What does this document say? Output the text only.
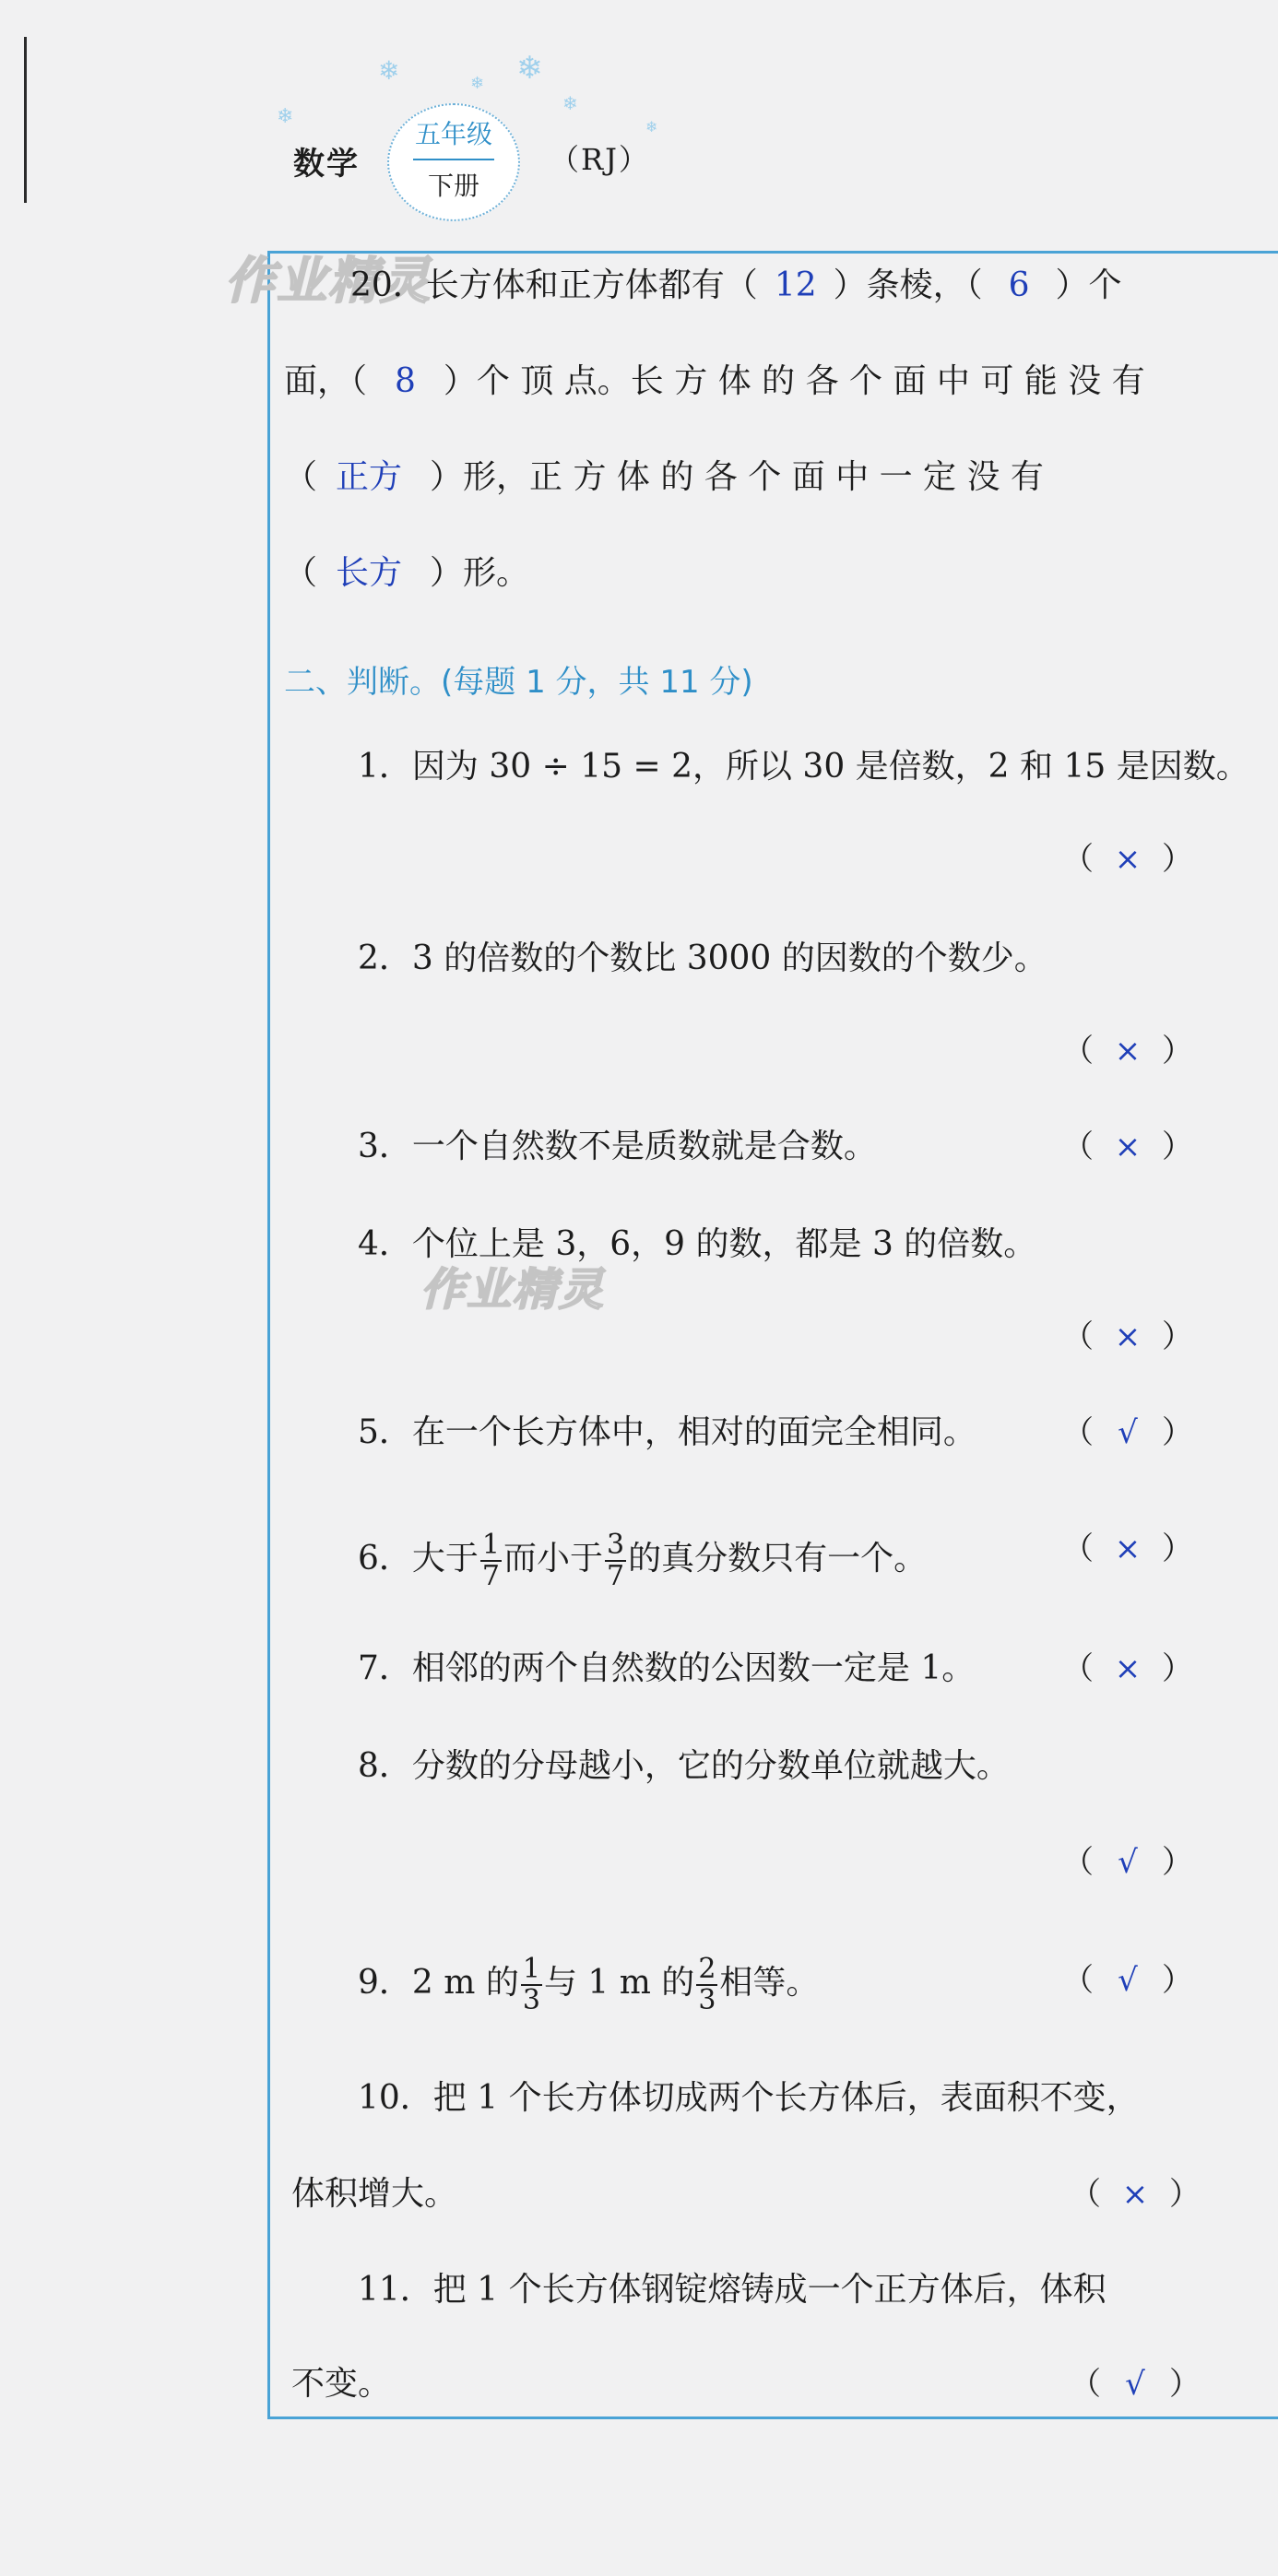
❄	❄
❄
❄
❄
❄
数学
五年级
下册
（RJ）
作业精灵
作业精灵
20．长方体和正方体都有（ 12 ）条棱，（ 6 ）个
面，（ 8 ）个 顶 点。长 方 体 的 各 个 面 中 可 能 没 有
（ 正方 ）形，正 方 体 的 各 个 面 中 一 定 没 有
（ 长方 ）形。
二、判断。(每题 1 分，共 11 分)
1．因为 30 ÷ 15 = 2，所以 30 是倍数，2 和 15 是因数。
（ × ）
2．3 的倍数的个数比 3000 的因数的个数少。
（ × ）
3．一个自然数不是质数就是合数。	（ × ）
4．个位上是 3，6，9 的数，都是 3 的倍数。
（ × ）
5．在一个长方体中，相对的面完全相同。	（ √ ）
6．大于 $\frac{1}{7}$ 而小于 $\frac{3}{7}$ 的真分数只有一个。	（ × ）
7．相邻的两个自然数的公因数一定是 1。	（ × ）
8．分数的分母越小，它的分数单位就越大。
（ √ ）
9．2 m 的 $\frac{1}{3}$ 与 1 m 的 $\frac{2}{3}$ 相等。	（ √ ）
10．把 1 个长方体切成两个长方体后，表面积不变，
体积增大。	（ × ）
11．把 1 个长方体钢锭熔铸成一个正方体后，体积
不变。	（ √ ）
